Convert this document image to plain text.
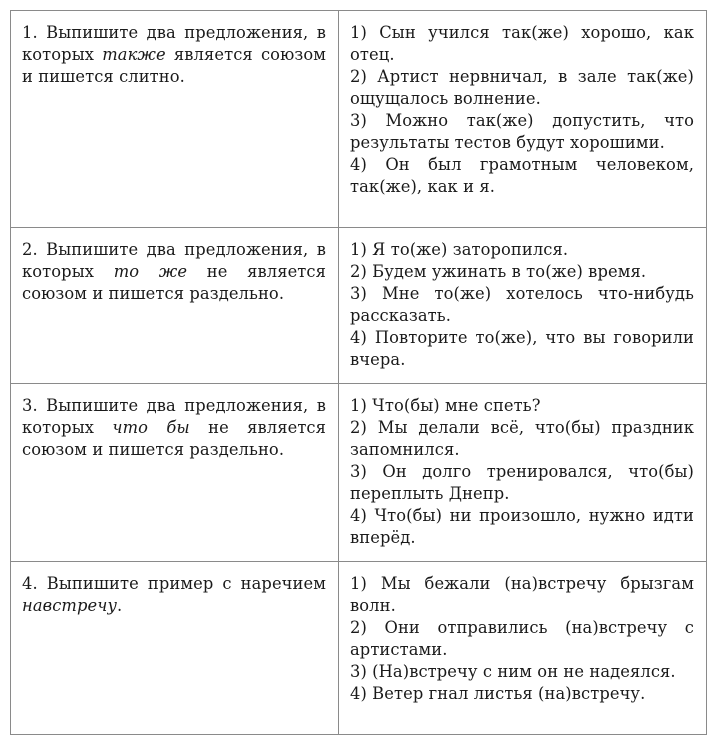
1. Выпишите два предложения, в которых также является союзом и пишется слитно.	1) Сын учился так(же) хорошо, как отец.
2) Артист нервничал, в зале так(же) ощущалось волнение.
3) Можно так(же) допустить, что результаты тестов будут хорошими.
4) Он был грамотным человеком, так(же), как и я.

2. Выпишите два предложения, в которых то же не является союзом и пишется раздельно.	1) Я то(же) заторопился.
2) Будем ужинать в то(же) время.
3) Мне то(же) хотелось что-нибудь рассказать.
4) Повторите то(же), что вы говорили вчера.

3. Выпишите два предложения, в которых что бы не является союзом и пишется раздельно.	1) Что(бы) мне спеть?
2) Мы делали всё, что(бы) праздник запомнился.
3) Он долго тренировался, что(бы) переплыть Днепр.
4) Что(бы) ни произошло, нужно идти вперёд.

4. Выпишите пример с наречием навстречу.	1) Мы бежали (на)встречу брызгам волн.
2) Они отправились (на)встречу с артистами.
3) (На)встречу с ним он не надеялся.
4) Ветер гнал листья (на)встречу.
